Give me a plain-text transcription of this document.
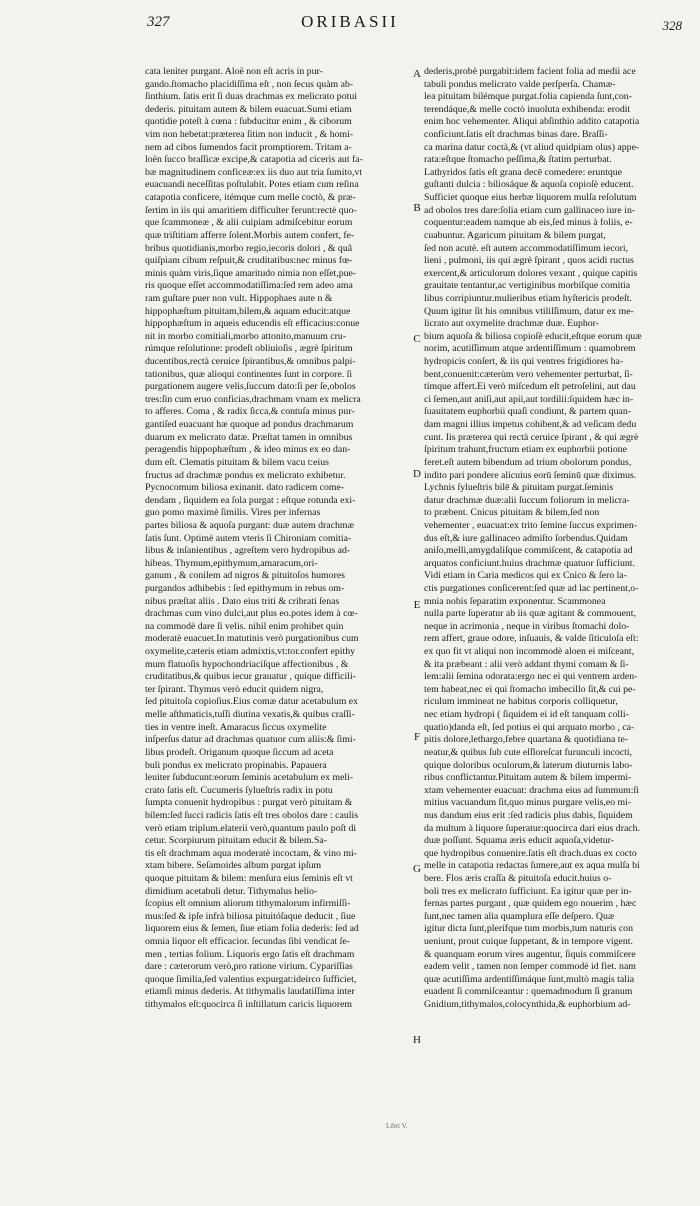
327	ORIBASII	328
cata leniter purgant. Aloë non eſt acris in pur-
gando.ſtomacho placidiſſima eſt , non ſecus quàm ab-
ſinthium. ſatis erit ſi duas drachmas ex melicrato potui
dederis. pituitam autem & bilem euacuat.Sumi etiam
quotidie poteſt à cœna : ſubducitur enim , & ciborum
vim non hebetat:præterea ſitim non inducit , & homi-
nem ad cibos ſumendos facit promptiorem. Tritam a-
loën ſucco braſſicæ excipe,& catapotia ad ciceris aut fa-
bæ magnitudinem conficeæ:ex iis duo aut tria ſumito,vt
euacuandi neceſſitas poſtulabit. Potes etiam cum reſina
catapotia conficere, itémque cum melle coctò, & præ-
ſertim in iis qui amaritiem difficulter ferunt:rectè quo-
que ſcammoneæ , & alii cuipiam admiſcebitur eorum
quæ triſtitiam afferre ſolent.Morbis autem confert, fe-
bribus quotidianis,morbo regio,iecoris dolori , & quã
quiſpiam cibum reſpuit,& cruditatibus:nec minus fœ-
minis quàm viris,ſique amaritudo nimia non eſſet,pue-
ris quoque eſſet accommodatiſſima:ſed rem adeo ama
ram guſtare puer non vult. Hippophaes aute n &
hippophæſtum pituitam,bilem,& aquam educit:atque
hippophæſtum in aqueis educendis eſt efficacius:conue
nit in morbo comitiali,morbo attonito,manuum cru-
rúmque reſolutione: prodeſt obliuioſis , ægrè ſpiritum
ducentibus,rectà ceruice ſpirantibus,& omnibus palpi-
tationibus, quæ alioqui continentes ſunt in corpore. ſi
purgationem augere velis,ſuccum dato:ſi per ſe,obolos
tres:ſin cum eruo conficias,drachmam vnam ex melicra
to afferes. Coma , & radix ſicca,& contuſa minus pur-
gantiſed euacuant hæ quoque ad pondus drachmarum
duarum ex melicrato datæ. Præſtat tamen in omnibus
peragendis hippophæſtum , & ideo minus ex eo dan-
dum eſt. Clematis pituitam & bilem vacu t:eius
fructus ad drachmæ pondus ex melicrato exhibetur.
Pycnocomum biliosa exinanit. dato radicem come-
dendam , ſiquidem ea ſola purgat : eſtque rotunda exi-
guo pomo maximè ſimilis. Vires per infernas
partes biliosa & aquoſa purgant: duæ autem drachmæ
ſatis ſunt. Optimè autem vteris ſi Chironiam comitia-
libus & inſanientibus , agreſtem vero hydropibus ad-
hibeas. Thymum,epithymum,amaracum,ori-
ganum , & conilem ad nigros & pituitoſos humores
purgandos adhibebis : ſed epithymum in rebus om-
nibus præſtat aliis . Dato eius triti & cribrati ſenas
drachmas cum vino dulci,aut plus eo.potes idem à cœ-
na commodè dare ſi velis. nihil enim prohibet quin
moderatè euacuet.In matutinis verò purgationibus cum
oxymelite,cæteris etiam admixtis,vt:tor.confert epithy
mum flatuoſis hypochondriacíſque affectionibus , &
cruditatibus,& quibus iecur grauatur , quique difficili-
ter ſpirant. Thymus verò educit quidem nigra,
ſed pituitoſa copioſius.Eius comæ datur acetabulum ex
melle aſthmaticis,tuſſi diutina vexatis,& quibus craſſi-
ties in ventre ineſt. Amaracus ſiccus oxymelite
inſperſus datur ad drachmas quatuor cum aliis:& ſimi-
libus prodeſt. Origanum quoque ſiccum ad aceta
buli pondus ex melicrato propinabis. Papauera
leuiter ſubducunt:eorum ſeminis acetabulum ex meli-
crato ſatis eſt. Cucumeris ſylueſtris radix in potu
ſumpta conuenit hydropibus : purgat verò pituitam &
bilem:ſed ſucci radicis ſatis eſt tres obolos dare : caulis
verò etiam triplum.elaterii verò,quantum paulo poſt di
cetur. Scorpiurum pituitam educit & bilem.Sa-
tis eſt drachmam aqua moderatè incoctam, & vino mi-
xtam bibere. Seſamoides album purgat ipſum
quoque pituitam & bilem: menſura eius ſeminis eſt vt
dimidium acetabuli detur. Tithymalus helio-
ſcopius eſt omnium aliorum tithymalorum infirmiſſi-
mus:ſed & ipſe infrà biliosa pituitóſaque deducit , ſiue
liquorem eius & ſemen, ſiue etiam folia dederis: ſed ad
omnia liquor eſt efficacior. ſecundas ſibi vendicat ſe-
men , tertias folium. Liquoris ergo ſatis eſt drachmam
dare : cæterorum verò,pro ratione virium. Cypariſſias
quoque ſimilia,ſed valentius expurgat:ideirco ſufficiet,
etiamſi minus dederis. At tithymalis laudatiſſima inter
tithymalos eſt:quocirca ſi inſtillatum caricis liquorem
dederis,probè purgabit:idem facient folia ad medii ace
tabuli pondus melicrato valde perſperſa. Chamæ-
lea pituitam bilémque purgat.folia capienda ſunt,con-
terendáque,& melle coctò inuoluta exhibenda: erodit
enim hoc vehementer. Aliqui abſinthio addito catapotia
conficiunt.ſatis eſt drachmas binas dare. Braſſi-
ca marina datur coctà,& (vt aliud quidpiam olus) appe-
rata:eſtque ſtomacho peſſima,& ſtatim perturbat.
Lathyridos ſatis eſt grana decē comedere: eruntque
guſtanti dulcia : biliosáque & aquoſa copioſè educent.
Sufficiet quoque eius herbæ liquorem mulſa reſolutum
ad obolos tres dare:ſolia etiam cum gallinaceo iure in-
coquentur:eadem namque ab eis,ſed minus à foliis, e-
cuabuntur. Agaricum pituitam & bilem purgat,
ſed non acutè. eſt autem accommodatiſſimum iecori,
lieni , pulmoni, iis qui ægrè ſpirant , quos acidi ructus
exercent,& articulorum dolores vexant , quique capitis
grauitate tentantur,ac vertiginibus morbíſque comitia
libus corripiuntur.mulieribus etiam hyſtericis prodeſt.
Quum igitur ſit his omnibus vtiliſſimum, datur ex me-
licrato aut oxymelite drachmæ duæ. Euphor-
bium aquoſa & biliosa copioſè educit,eſtque eorum quæ
norim, acutiſſimum atque ardentiſſimum : quamobrem
hydropicis conſert, & iis qui ventres frigidiores ha-
bent,conuenit:cæterùm vero vehementer perturbat, ſi-
tímque affert.Ei verò miſcedum eſt petroſelini, aut dau
ci ſemen,aut aniſi,aut apii,aut tordilii:ſquidem hæc in-
ſuauitatem euphorbii quaſi condiunt, & partem quan-
dam magni illius impetus cohibent,& ad veſicam dedu
cunt. Iis præterea qui rectà ceruice ſpirant , & qui ægrè
ſpiritum trahunt,fructum etiam ex euphorbii potione
feret.eſt autem bibendum ad trium obolorum pondus,
indito pari pondere alicuius eorū ſeminū quæ diximus.
Lychnis ſylueſtris bilē & pituitam purgat.ſeminis
datur drachmæ duæ:alii ſuccum foliorum in melicra-
to præbent. Cnicus pituitam & bilem,ſed non
vehementer , euacuat:ex trito ſemine ſuccus exprimen-
dus eſt,& iure gallinaceo admiſto ſorbendus.Quidam
aniſo,melli,amygdaliſque commiſcent, & catapotia ad
arquatos conficiunt.huius drachmæ quatuor ſufficiunt.
Vidi etiam in Caria medicos qui ex Cnico & ſero la-
ctis purgationes conſicerent:ſed quæ ad lac pertinent,o-
mnia nobis ſeparatim exponentur. Scammonea
nulla parte ſuperatur ab iis quæ agitant & commouent,
neque in acrimonia , neque in viribus ſtomachi dolo-
rem affert, graue odore, inſuauis, & valde ſiticuloſa eſt:
ex quo fit vt aliqui non incommodè aloen ei miſceant,
& ita præbeant : alii verò addant thymi comam & ſi-
lem:alii ſemina odorata:ergo nec ei qui ventrem arden-
tem habeat,nec ei qui ſtomacho imbecillo ſit,& cui pe-
riculum immineat ne habitus corporis colliquetur,
nec etiam hydropi ( ſiquidem ei id eſt tanquam colli-
quatio)danda eſt, ſed potius ei qui arquato morbo , ca-
pitis dolore,lethargo,febre quartana & quotidiana te-
neatur,& quibus ſub cute eſſloreſcat furunculi incocti,
quique doloribus oculorum,& laterum diuturnis labo-
ribus conflictantur.Pituitam autem & bilem impermi-
xtam vehementer euacuat: drachma eius ad ſummum:ſi
mitius vacuandum ſit,quo minus purgare velis,eo mi-
nus dandum eius erit :ſed radicis plus dabis, ſiquidem
da multum à liquore ſuperatur:quocirca dari eius drach.
duæ poſſunt. Squama æris educit aquoſa,videtur-
que hydropibus conuenire.ſatis eſt drach.duas ex cocto
melle in catapotia redactas ſumere,aut ex aqua mulſa bi
bere. Flos æris craſſa & pituitoſa educit.huius o-
boli tres ex melicrato ſufficiunt. Ea igitur quæ per in-
fernas partes purgant , quæ quidem ego nouerim , hæc
ſunt,nec tamen alia quamplura eſſe deſpero. Quæ
igitur dicta ſunt,plerífque tum morbis,tum naturis con
ueniunt, prout cuique ſuppetant, & in tempore vigent.
& quanquam eorum vires augentur, ſiquis commiſcere
eadem velit , tamen non ſemper commodè id fiet. nam
quæ acutiſſima ardentiſſimáque ſunt,multò magis talia
euadent ſi commiſceantur : quemadmodum ſi granum
Gnidium,tithymalos,colocynthida,& euphorbium ad-
A
B
C
D
E
F
G
H
Libri V.
